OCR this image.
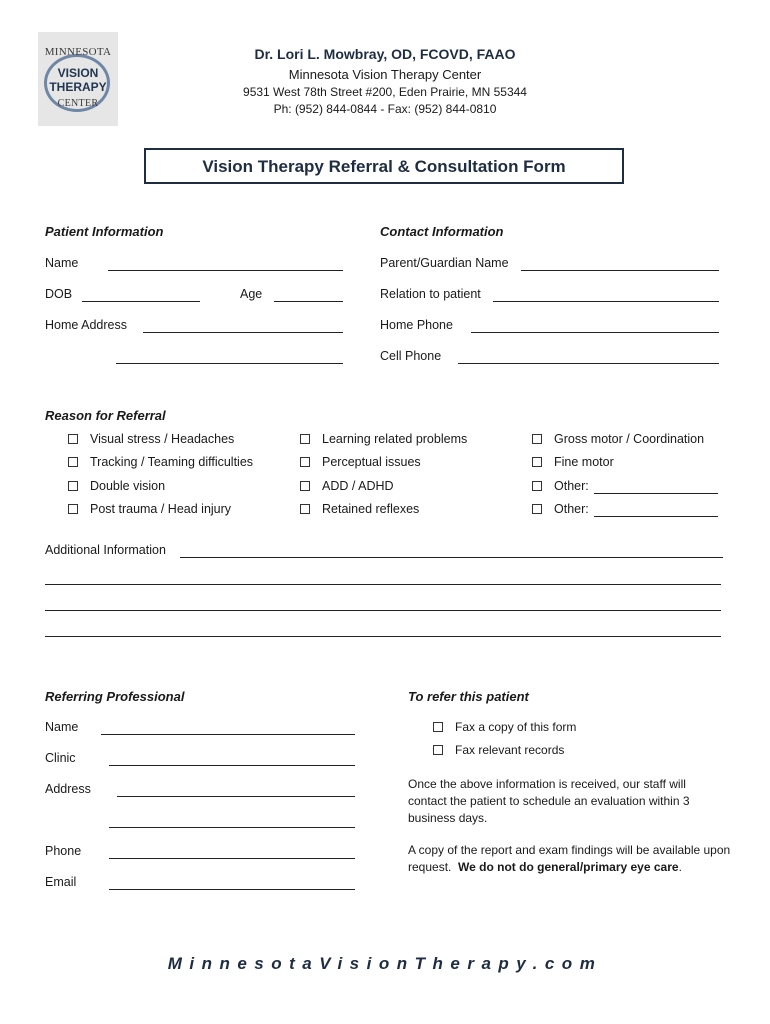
MINNESOTA
VISION
THERAPY
CENTER
Dr. Lori L. Mowbray, OD, FCOVD, FAAO
Minnesota Vision Therapy Center
9531 West 78th Street #200, Eden Prairie, MN 55344
Ph: (952) 844-0844 - Fax: (952) 844-0810
Vision Therapy Referral & Consultation Form
Patient Information
Name
DOB	Age
Home Address
Contact Information
Parent/Guardian Name
Relation to patient
Home Phone
Cell Phone
Reason for Referral
Visual stress / Headaches
Tracking / Teaming difficulties
Double vision
Post trauma / Head injury
Learning related problems
Perceptual issues
ADD / ADHD
Retained reflexes
Gross motor / Coordination
Fine motor
Other:
Other:
Additional Information
Referring Professional
Name
Clinic
Address
Phone
Email
To refer this patient
Fax a copy of this form
Fax relevant records
Once the above information is received, our staff will contact the patient to schedule an evaluation within 3 business days.
A copy of the report and exam findings will be available upon request. We do not do general/primary eye care.
MinnesotaVisionTherapy.com
